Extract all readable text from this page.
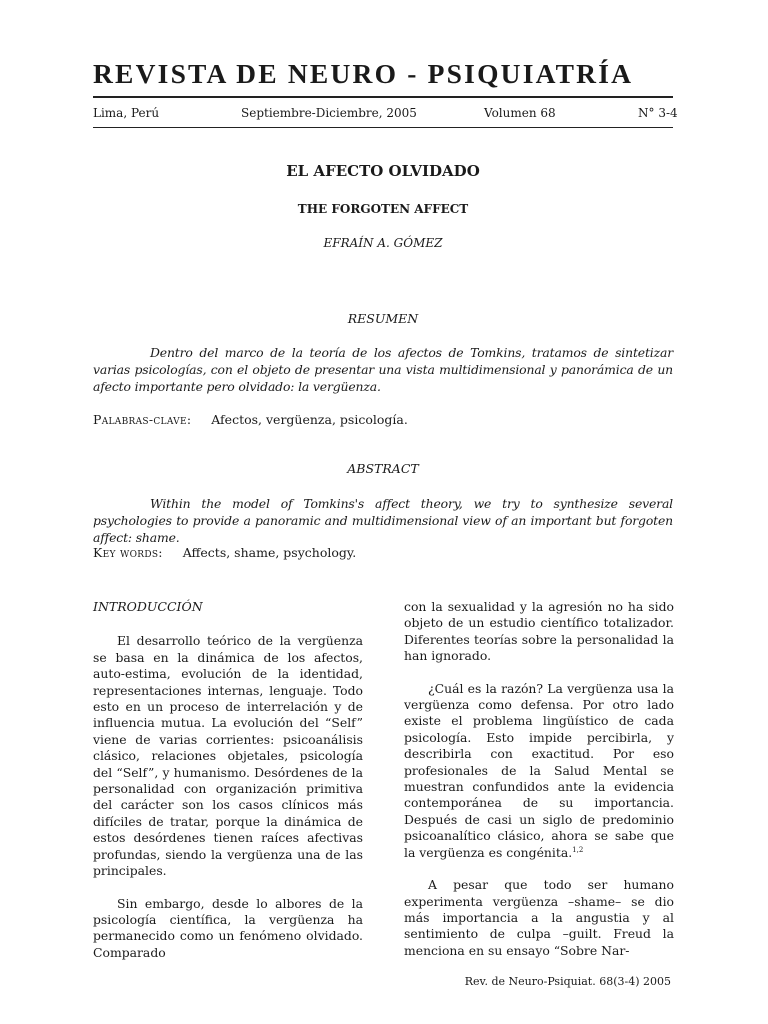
REVISTA DE NEURO - PSIQUIATRÍA
Lima, Perú	Septiembre-Diciembre, 2005	Volumen 68	N° 3-4
EL AFECTO OLVIDADO
THE FORGOTEN AFFECT
EFRAÍN A. GÓMEZ
RESUMEN

Dentro del marco de la teoría de los afectos de Tomkins, tratamos de sintetizar varias psicologías, con el objeto de presentar una vista multidimensional y panorámica de un afecto importante pero olvidado: la vergüenza.

Palabras-clave: Afectos, vergüenza, psicología.
ABSTRACT

Within the model of Tomkins's affect theory, we try to synthesize several psychologies to provide a panoramic and multidimensional view of an important but forgoten affect: shame.

Key words: Affects, shame, psychology.

INTRODUCCIÓN

El desarrollo teórico de la vergüenza se basa en la dinámica de los afectos, auto-estima, evolución de la identidad, representaciones internas, lenguaje. Todo esto en un proceso de interrelación y de influencia mutua. La evolución del “Self” viene de varias corrientes: psicoanálisis clásico, relaciones objetales, psicología del “Self”, y humanismo. Desórdenes de la personalidad con organización primitiva del carácter son los casos clínicos más difíciles de tratar, porque la dinámica de estos desórdenes tienen raíces afectivas profundas, siendo la vergüenza una de las principales.

Sin embargo, desde lo albores de la psicología científica, la vergüenza ha permanecido como un fenómeno olvidado. Comparado

con la sexualidad y la agresión no ha sido objeto de un estudio científico totalizador. Diferentes teorías sobre la personalidad la han ignorado.

¿Cuál es la razón? La vergüenza usa la vergüenza como defensa. Por otro lado existe el problema lingüístico de cada psicología. Esto impide percibirla, y describirla con exactitud. Por eso profesionales de la Salud Mental se muestran confundidos ante la evidencia contemporánea de su importancia. Después de casi un siglo de predominio psicoanalítico clásico, ahora se sabe que la vergüenza es congénita.$^{1,2}$

A pesar que todo ser humano experimenta vergüenza –shame– se dio más importancia a la angustia y al sentimiento de culpa –guilt. Freud la menciona en su ensayo “Sobre Nar-

Rev. de Neuro-Psiquiat. 68(3-4) 2005
